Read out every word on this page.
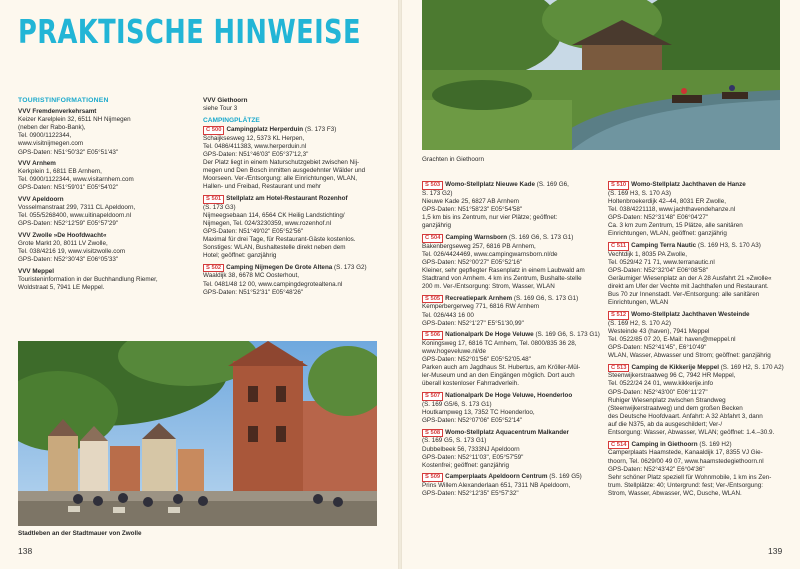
PRAKTISCHE HINWEISE
TOURISTINFORMATIONEN

VVV Fremdenverkehrsamt

Keizer Karelplein 32, 6511 NH Nijmegen

(neben der Rabo-Bank),

Tel. 0900/1122344,

www.visitnijmegen.com

GPS-Daten: N51°50'32" E05°51'43"

VVV Arnhem

Kerkplein 1, 6811 EB Arnhem,

Tel. 0900/1122344, www.visitarnhem.com

GPS-Daten: N51°59'01" E05°54'02"

VVV Apeldoorn

Vosselmanstraat 299, 7311 CL Apeldoorn,

Tel. 055/5268400, www.uitinapeldoorn.nl

GPS-Daten: N52°12'59" E05°57'29"

VVV Zwolle »De Hoofdwacht«

Grote Markt 20, 8011 LV Zwolle,

Tel. 038/4216 19, www.visitzwolle.com

GPS-Daten: N52°30'43" E06°05'33"

VVV Meppel

Touristeninformation in der Buchhandlung Riemer,

Woldstraat 5, 7941 LE Meppel.

VVV Giethoorn

siehe Tour 3

CAMPINGPLÄTZE

C 500 Campingplatz Herperduin (S. 173 F3)

Schaijksesweg 12, 5373 KL Herpen,

Tel. 0486/411383, www.herperduin.nl

GPS-Daten: N51°46'03" E05°37'12,3"

Der Platz liegt in einem Naturschutzgebiet zwischen Nij-

megen und Den Bosch inmitten ausgedehnter Wälder und

Moorseen. Ver-/Entsorgung: alle Einrichtungen, WLAN,

Hallen- und Freibad, Restaurant und mehr

S 501 Stellplatz am Hotel-Restaurant Rozenhof

(S. 173 G3)

Nijmeegsebaan 114, 6564 CK Heilig Landstichting/

Nijmegen, Tel. 024/3230359, www.rozenhof.nl

GPS-Daten: N51°49'02" E05°52'56"

Maximal für drei Tage, für Restaurant-Gäste kostenlos.

Sonstiges: WLAN, Bushaltestelle direkt neben dem

Hotel; geöffnet: ganzjährig

S 502 Camping Nijmegen De Grote Altena (S. 173 G2)

Waaldijk 38, 6678 MC Oosterhout,

Tel. 0481/48 12 00, www.campingdegrotealtena.nl

GPS-Daten: N51°52'31" E05°48'26"

Stadtleben an der Stadtmauer von Zwolle
138
Grachten in Giethoorn

S 503 Womo-Stellplatz Nieuwe Kade (S. 169 G6,

S. 173 G2)

Nieuwe Kade 25, 6827 AB Arnhem

GPS-Daten: N51°58'23" E05°54'58"

1,5 km bis ins Zentrum, nur vier Plätze; geöffnet:

ganzjährig

C 504 Camping Warnsborn (S. 169 G6, S. 173 G1)

Bakenbergseweg 257, 6816 PB Arnhem,

Tel. 026/4424469, www.campingwarnsborn.nl/de

GPS-Daten: N52°00'27" E05°52'16"

Kleiner, sehr gepflegter Rasenplatz in einem Laubwald am

Stadtrand von Arnhem. 4 km ins Zentrum, Bushalte-stelle

200 m. Ver-/Entsorgung: Strom, Wasser, WLAN

S 505 Recreatiepark Arnhem (S. 169 G6, S. 173 G1)

Kemperbergerweg 771, 6816 RW Arnhem

Tel. 026/443 16 00

GPS-Daten: N52°1'27" E5°51'30,99"

S 506 Nationalpark De Hoge Veluwe (S. 169 G6, S. 173 G1)

Koningsweg 17, 6816 TC Arnhem, Tel. 0800/835 36 28,

www.hogeveluwe.nl/de

GPS-Daten: N52°01'56" E05°52'05.48"

Parken auch am Jagdhaus St. Hubertus, am Kröller-Mül-

ler-Museum und an den Eingängen möglich. Dort auch

überall kostenloser Fahrradverleih.

S 507 Nationalpark De Hoge Veluwe, Hoenderloo

(S. 169 G5/6, S. 173 G1)

Houtkampweg 13, 7352 TC Hoenderloo,

GPS-Daten: N52°07'06" E05°52'14"

S 508 Womo-Stellplatz Aquacentrum Malkander

(S. 169 G5, S. 173 G1)

Dubbelbeek 56, 7333NJ Apeldoorn

GPS-Daten: N52°11'03", E05°57'59"

Kostenfrei; geöffnet: ganzjährig

S 509 Camperplaats Apeldoorn Centrum (S. 169 G5)

Prins Willem Alexanderlaan 651, 7311 NB Apeldoorn,

GPS-Daten: N52°12'35" E5°57'32"

S 510 Womo-Stellplatz Jachthaven de Hanze

(S. 169 H3, S. 170 A3)

Holtenbroekerdijk 42–44, 8031 ER Zwolle,

Tel. 038/4221118, www.jachthavendehanze.nl

GPS-Daten: N52°31'48" E06°04'27"

Ca. 3 km zum Zentrum, 15 Plätze, alle sanitären

Einrichtungen, WLAN, geöffnet: ganzjährig

C 511 Camping Terra Nautic (S. 169 H3, S. 170 A3)

Vechtdijk 1, 8035 PA Zwolle,

Tel. 0529/42 71 71, www.terranautic.nl

GPS-Daten: N52°32'04" E06°08'58"

Geräumiger Wiesenplatz an der A 28 Ausfahrt 21 »Zwolle«

direkt am Ufer der Vechte mit Jachthafen und Restaurant.

Bus 70 zur Innenstadt. Ver-/Entsorgung: alle sanitären

Einrichtungen, WLAN

S 512 Womo-Stellplatz Jachthaven Westeinde

(S. 169 H2, S. 170 A2)

Westeinde 43 (haven), 7941 Meppel

Tel. 0522/85 07 20, E-Mail: haven@meppel.nl

GPS-Daten: N52°41'45", E6°10'49"

WLAN, Wasser, Abwasser und Strom; geöffnet: ganzjährig

C 513 Camping de Kikkerije Meppel (S. 169 H2, S. 170 A2)

Steenwijkerstraatweg 96 C, 7942 HR Meppel,

Tel. 0522/24 24 01, www.kikkerije.info

GPS-Daten: N52°43'00" E06°11'27"

Ruhiger Wiesenplatz zwischen Strandweg

(Steenwijkerstraatweg) und dem großen Becken

des Deutsche Hoofdvaart. Anfahrt: A 32 Abfahrt 3, dann

auf die N375, ab da ausgeschildert; Ver-/

Entsorgung: Wasser, Abwasser, WLAN; geöffnet: 1.4.–30.9.

C 514 Camping in Giethoorn (S. 169 H2)

Camperplaats Haamstede, Kanaaldijk 17, 8355 VJ Gie-

thoorn, Tel. 0629/00 49 07, www.haamstedegiethoorn.nl

GPS-Daten: N52°43'42" E6°04'36"

Sehr schöner Platz speziell für Wohnmobile, 1 km ins Zen-

trum. Stellplätze: 40; Untergrund: fest; Ver-/Entsorgung:

Strom, Wasser, Abwasser, WC, Dusche, WLAN.

139
